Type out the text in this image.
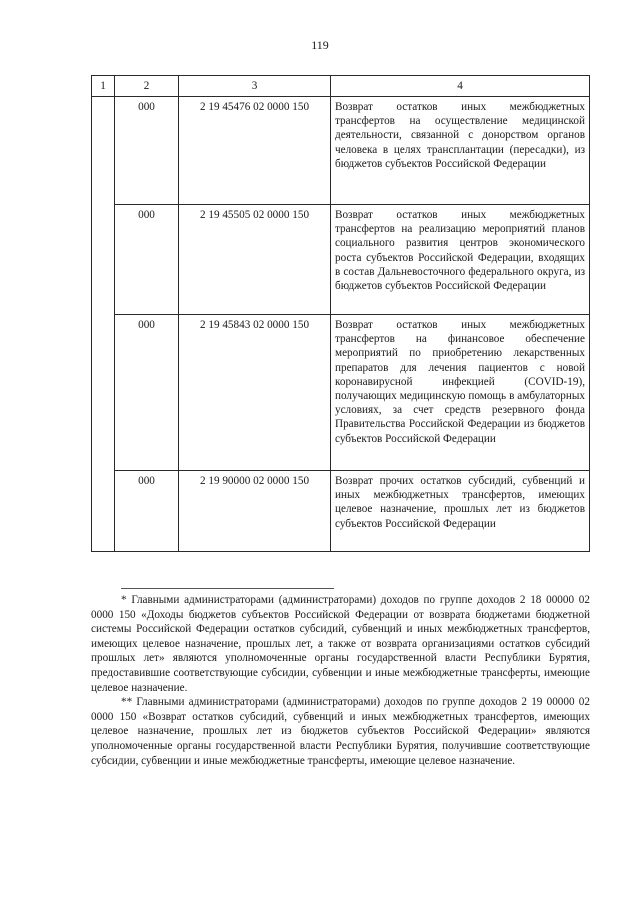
119
1	2	3	4
	000	2 19 45476 02 0000 150	Возврат остатков иных межбюджетных трансфертов на осуществление медицинской деятельности, связанной с донорством органов человека в целях трансплантации (пересадки), из бюджетов субъектов Российской Федерации
	000	2 19 45505 02 0000 150	Возврат остатков иных межбюджетных трансфертов на реализацию мероприятий планов социального развития центров экономического роста субъектов Российской Федерации, входящих в состав Дальневосточного федерального округа, из бюджетов субъектов Российской Федерации
	000	2 19 45843 02 0000 150	Возврат остатков иных межбюджетных трансфертов на финансовое обеспечение мероприятий по приобретению лекарственных препаратов для лечения пациентов с новой коронавирусной инфекцией (COVID-19), получающих медицинскую помощь в амбулаторных условиях, за счет средств резервного фонда Правительства Российской Федерации из бюджетов субъектов Российской Федерации
	000	2 19 90000 02 0000 150	Возврат прочих остатков субсидий, субвенций и иных межбюджетных трансфертов, имеющих целевое назначение, прошлых лет из бюджетов субъектов Российской Федерации

* Главными администраторами (администраторами) доходов по группе доходов 2 18 00000 02 0000 150 «Доходы бюджетов субъектов Российской Федерации от возврата бюджетами бюджетной системы Российской Федерации остатков субсидий, субвенций и иных межбюджетных трансфертов, имеющих целевое назначение, прошлых лет, а также от возврата организациями остатков субсидий прошлых лет» являются уполномоченные органы государственной власти Республики Бурятия, предоставившие соответствующие субсидии, субвенции и иные межбюджетные трансферты, имеющие целевое назначение.

** Главными администраторами (администраторами) доходов по группе доходов 2 19 00000 02 0000 150 «Возврат остатков субсидий, субвенций и иных межбюджетных трансфертов, имеющих целевое назначение, прошлых лет из бюджетов субъектов Российской Федерации» являются уполномоченные органы государственной власти Республики Бурятия, получившие соответствующие субсидии, субвенции и иные межбюджетные трансферты, имеющие целевое назначение.
